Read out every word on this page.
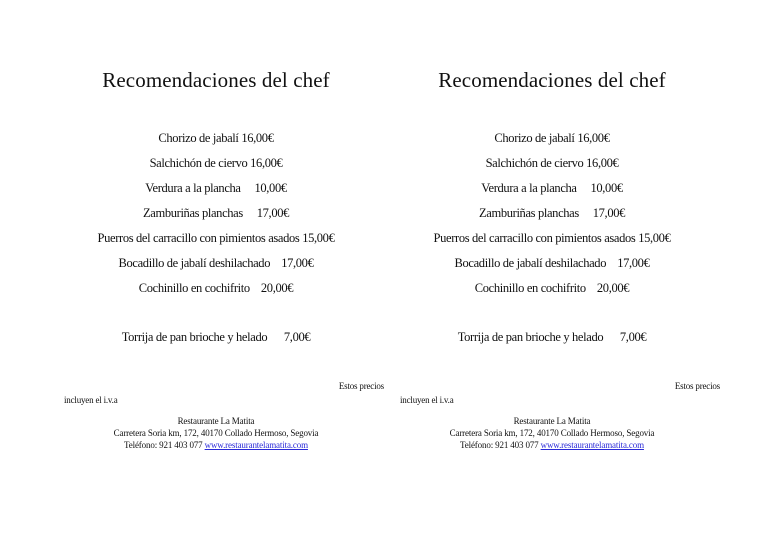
Recomendaciones del chef
Chorizo de jabalí 16,00€
Salchichón de ciervo 16,00€
Verdura a la plancha     10,00€
Zamburiñas planchas     17,00€
Puerros del carracillo con pimientos asados 15,00€
Bocadillo de jabalí deshilachado    17,00€
Cochinillo en cochifrito    20,00€
Torrija de pan brioche y helado      7,00€
Estos precios
incluyen el i.v.a
Restaurante La Matita
Carretera Soria km, 172, 40170 Collado Hermoso, Segovia
Teléfono: 921 403 077 www.restaurantelamatita.com
Recomendaciones del chef
Chorizo de jabalí 16,00€
Salchichón de ciervo 16,00€
Verdura a la plancha     10,00€
Zamburiñas planchas     17,00€
Puerros del carracillo con pimientos asados 15,00€
Bocadillo de jabalí deshilachado    17,00€
Cochinillo en cochifrito    20,00€
Torrija de pan brioche y helado      7,00€
Estos precios
incluyen el i.v.a
Restaurante La Matita
Carretera Soria km, 172, 40170 Collado Hermoso, Segovia
Teléfono: 921 403 077 www.restaurantelamatita.com
